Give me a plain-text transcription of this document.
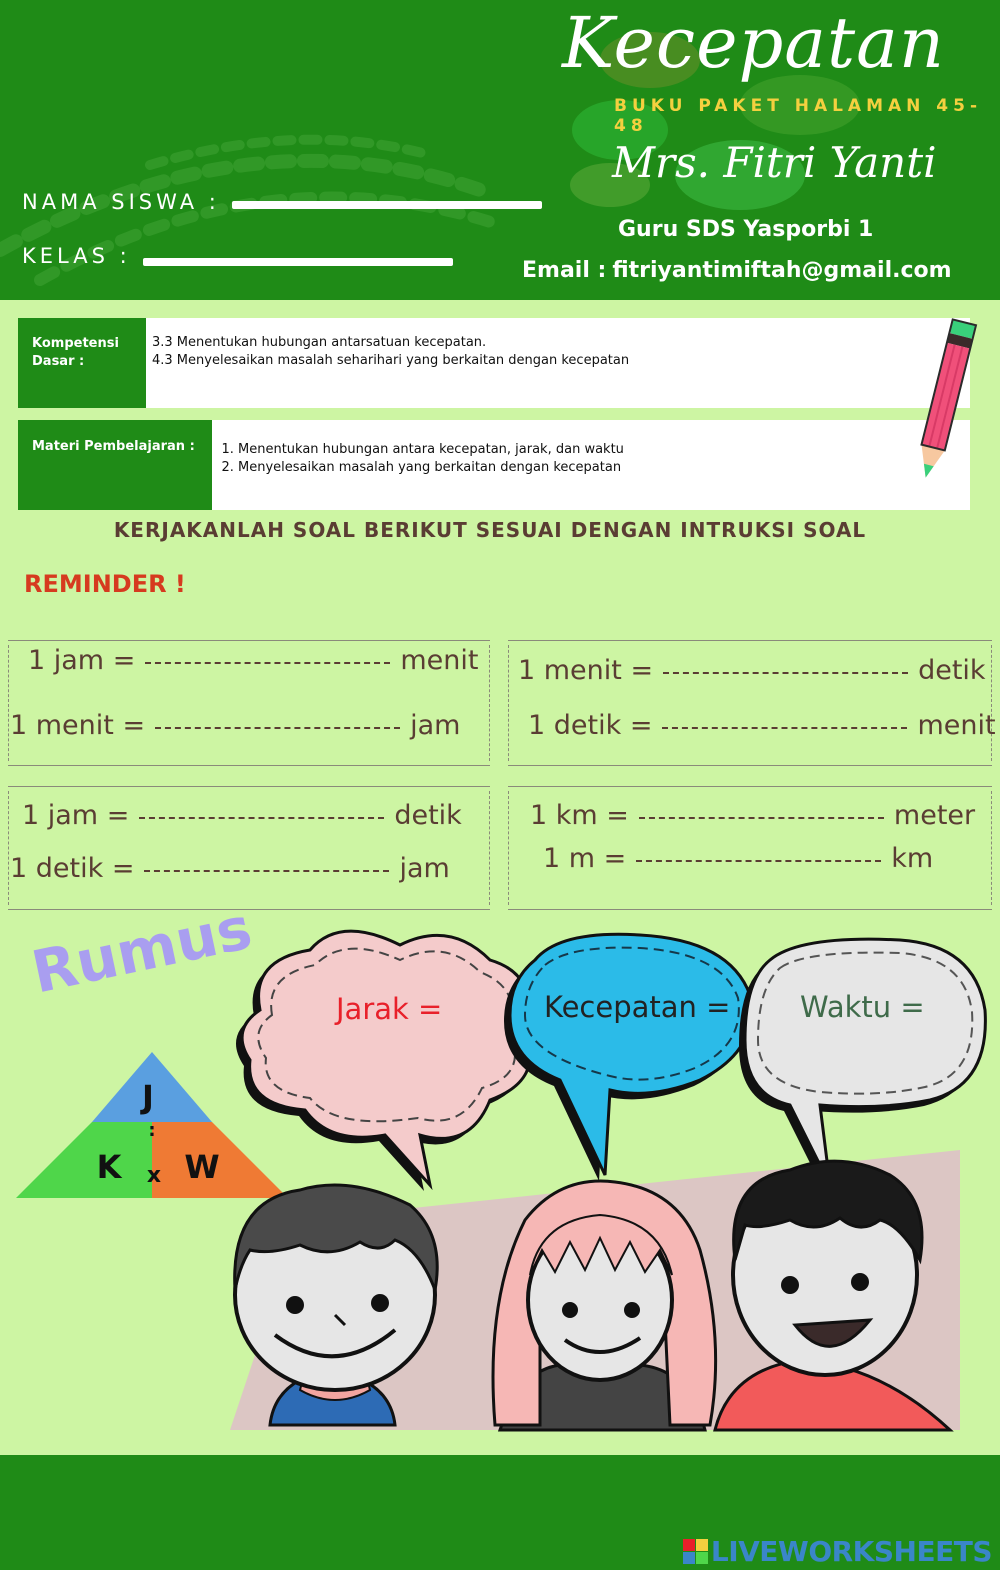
Kecepatan
BUKU PAKET HALAMAN 45-48
Mrs. Fitri Yanti
Guru SDS Yasporbi 1
Email : fitriyantimiftah@gmail.com
NAMA SISWA :
KELAS :
Kompetensi Dasar :
3.3 Menentukan hubungan antarsatuan kecepatan.
4.3 Menyelesaikan masalah seharihari yang berkaitan dengan kecepatan
Materi Pembelajaran :
1.	Menentukan hubungan antara kecepatan, jarak, dan waktu
2. Menyelesaikan masalah yang berkaitan dengan kecepatan
KERJAKANLAH SOAL BERIKUT SESUAI DENGAN INTRUKSI SOAL
REMINDER !
1 jam =	menit
1 menit =	jam
1 menit =	detik
1 detik =	menit
1 jam =	detik
1 detik =	jam
1 km =	meter
1 m =	km
Rumus
J
:
K x W
Jarak =	Kecepatan = Waktu =
LIVEWORKSHEETS
